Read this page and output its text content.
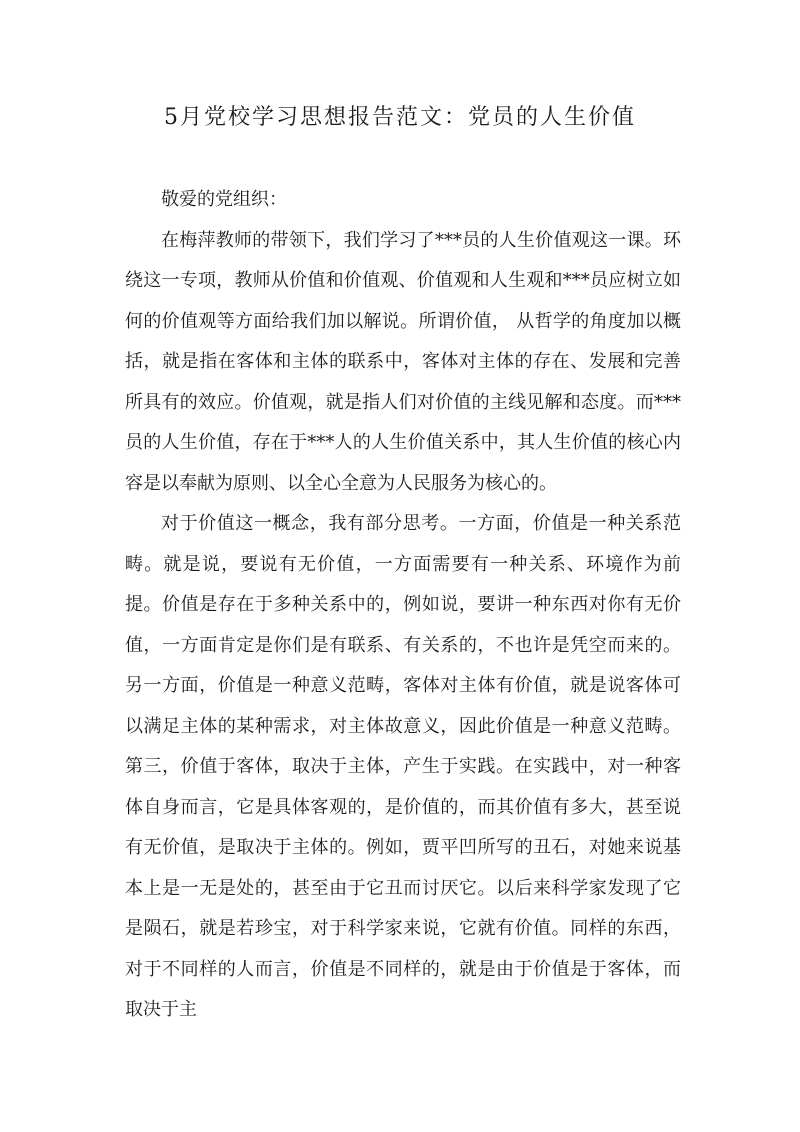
5月党校学习思想报告范文：党员的人生价值

敬爱的党组织：

在梅萍教师的带领下，我们学习了***员的人生价值观这一课。环绕这一专项，教师从价值和价值观、价值观和人生观和***员应树立如何的价值观等方面给我们加以解说。所谓价值， 从哲学的角度加以概括，就是指在客体和主体的联系中，客体对主体的存在、发展和完善所具有的效应。价值观，就是指人们对价值的主线见解和态度。而***员的人生价值，存在于***人的人生价值关系中，其人生价值的核心内容是以奉献为原则、以全心全意为人民服务为核心的。

对于价值这一概念，我有部分思考。一方面，价值是一种关系范畴。就是说，要说有无价值，一方面需要有一种关系、环境作为前提。价值是存在于多种关系中的，例如说，要讲一种东西对你有无价值，一方面肯定是你们是有联系、有关系的，不也许是凭空而来的。另一方面，价值是一种意义范畴，客体对主体有价值，就是说客体可以满足主体的某种需求，对主体故意义，因此价值是一种意义范畴。第三，价值于客体，取决于主体，产生于实践。在实践中，对一种客体自身而言，它是具体客观的，是价值的，而其价值有多大，甚至说有无价值，是取决于主体的。例如，贾平凹所写的丑石，对她来说基本上是一无是处的，甚至由于它丑而讨厌它。以后来科学家发现了它是陨石，就是若珍宝，对于科学家来说，它就有价值。同样的东西，对于不同样的人而言，价值是不同样的，就是由于价值是于客体，而取决于主
